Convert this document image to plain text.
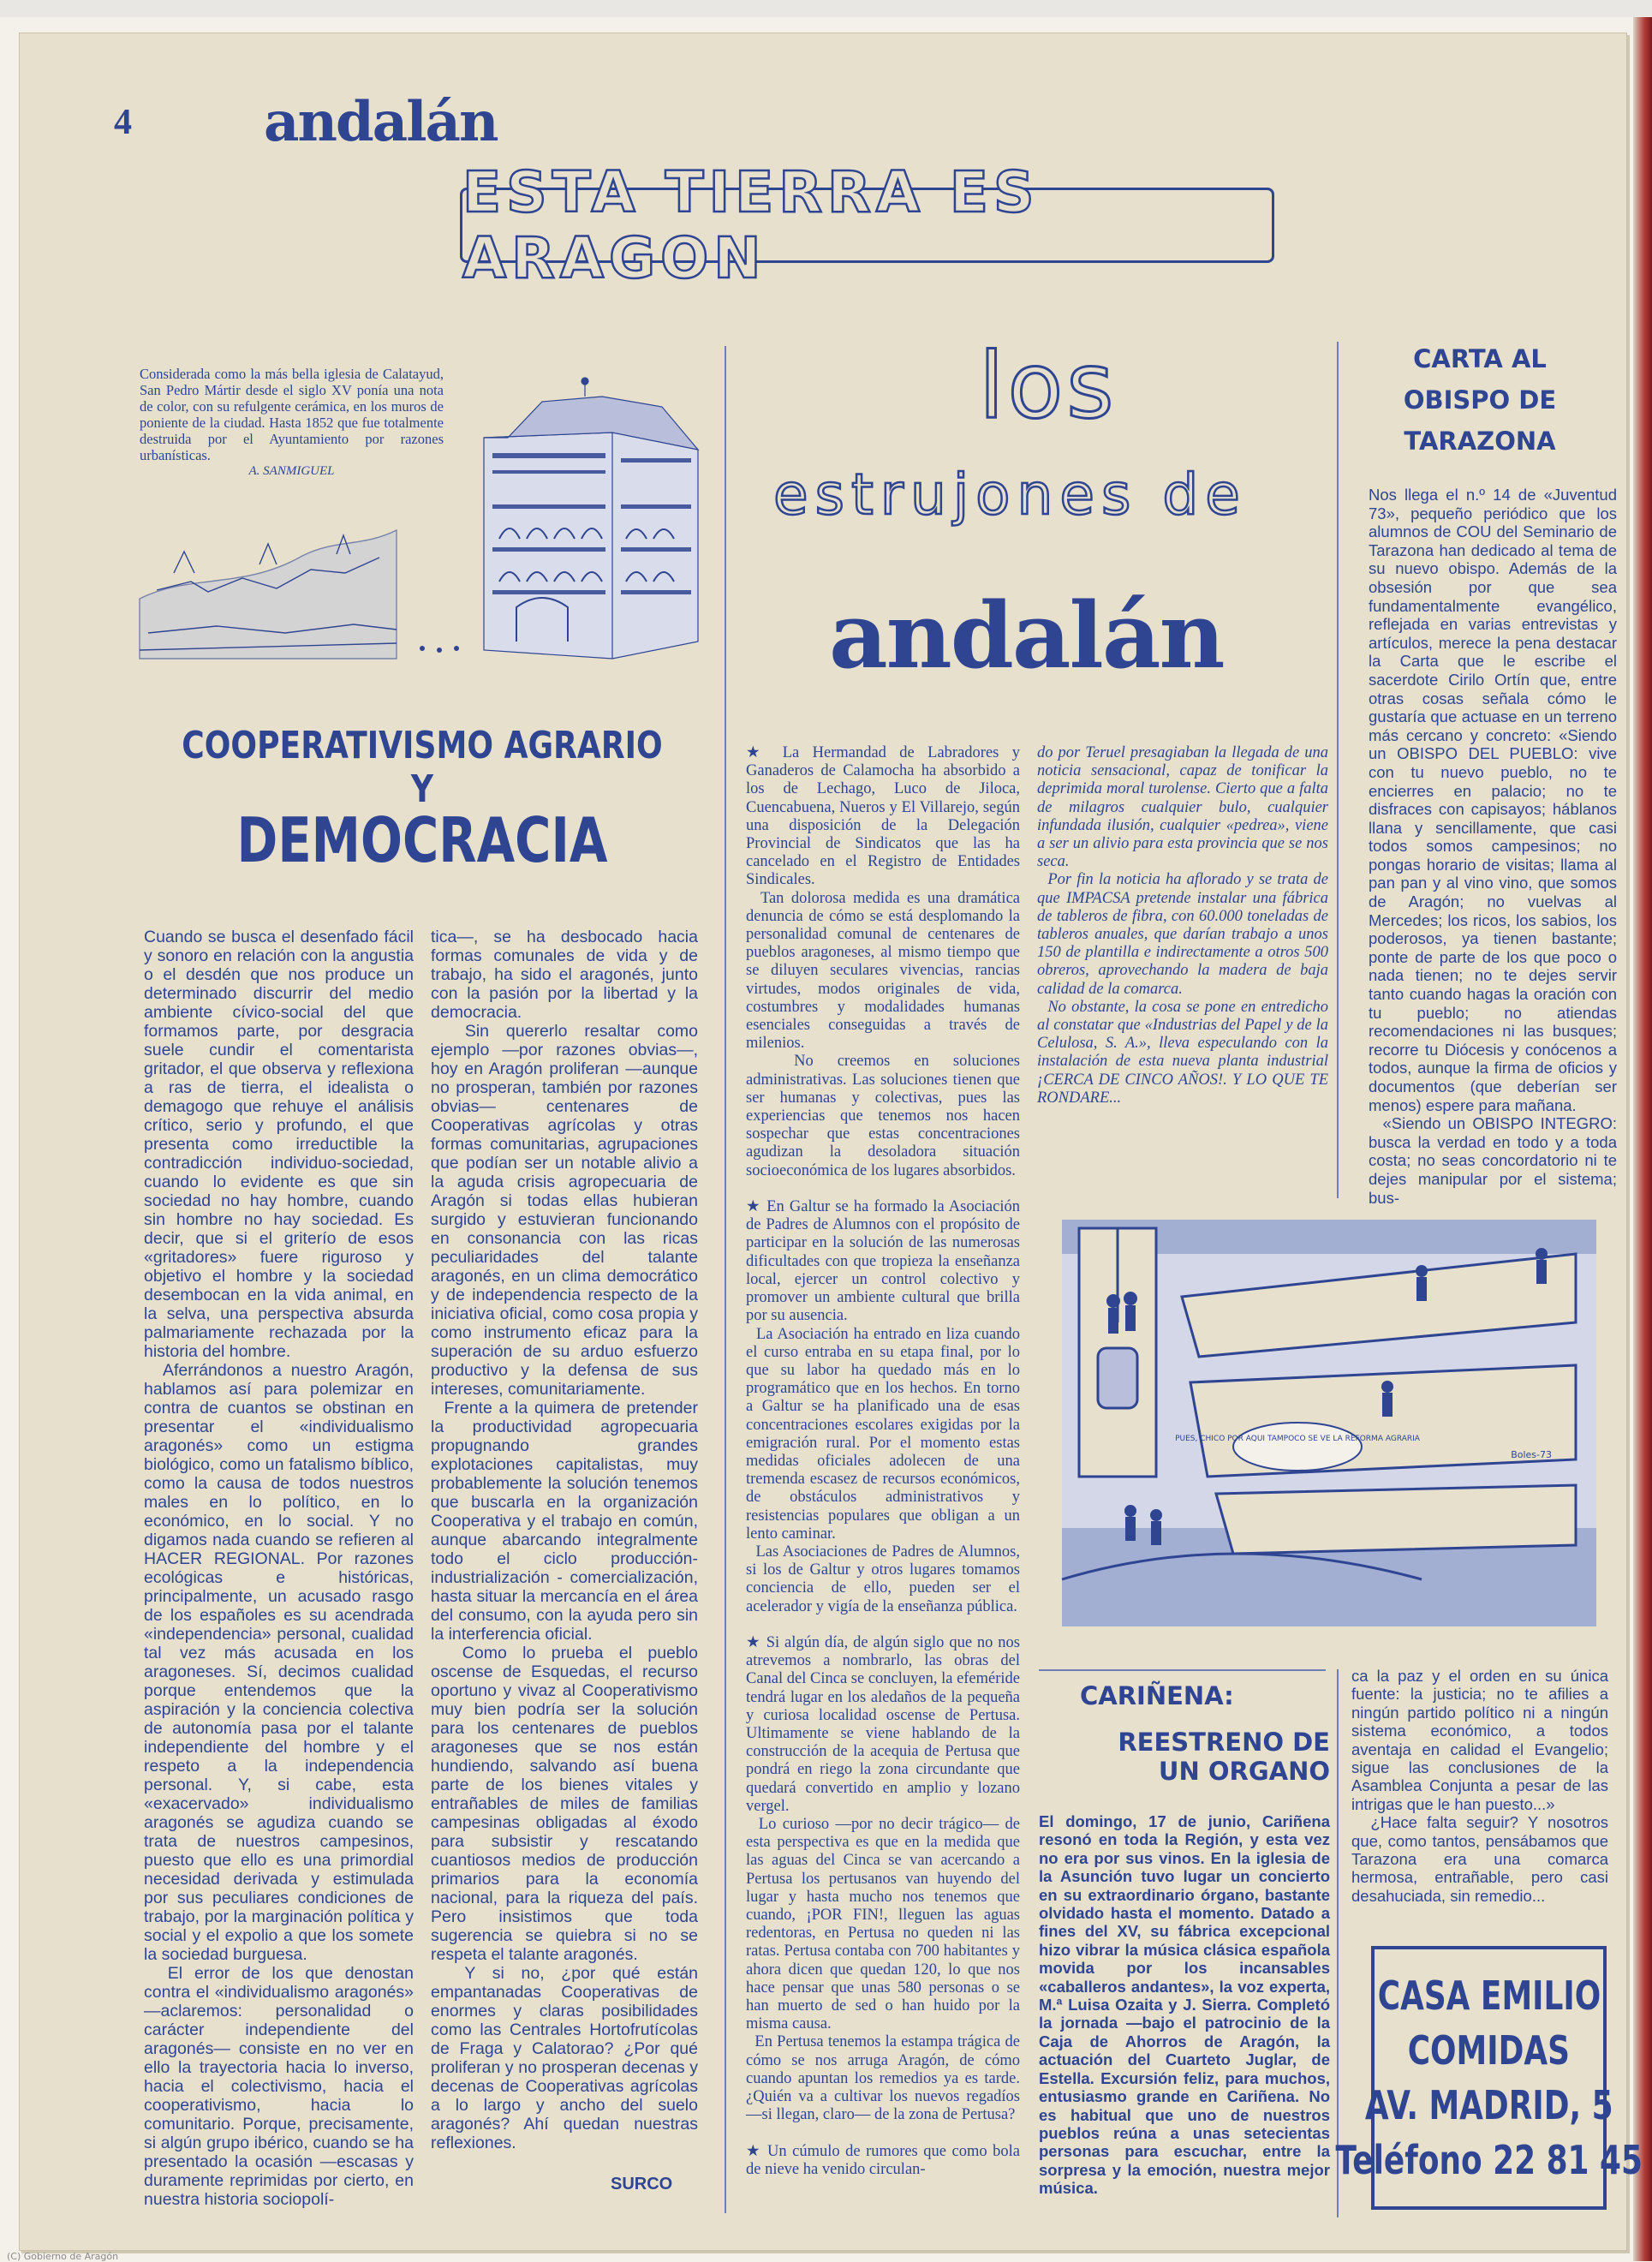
4 andalán
ESTA TIERRA ES ARAGON
Considerada como la más bella iglesia de Calatayud, San Pedro Mártir desde el siglo XV ponía una nota de color, con su refulgente cerámica, en los muros de poniente de la ciudad. Hasta 1852 que fue totalmente destruida por el Ayuntamiento por razones urbanísticas.
A. SANMIGUEL
COOPERATIVISMO AGRARIO Y
DEMOCRACIA
Cuando se busca el desenfado fácil y sonoro en relación con la angustia o el desdén que nos produce un determinado discurrir del medio ambiente cívico-social del que formamos parte, por desgracia suele cundir el comentarista gritador, el que observa y reflexiona a ras de tierra, el idealista o demagogo que rehuye el análisis crítico, serio y profundo, el que presenta como irreductible la contradicción individuo-sociedad, cuando lo evidente es que sin sociedad no hay hombre, cuando sin hombre no hay sociedad. Es decir, que si el griterío de esos «gritadores» fuere riguroso y objetivo el hombre y la sociedad desembocan en la vida animal, en la selva, una perspectiva absurda palmariamente rechazada por la historia del hombre.
Aferrándonos a nuestro Aragón, hablamos así para polemizar en contra de cuantos se obstinan en presentar el «individualismo aragonés» como un estigma biológico, como un fatalismo bíblico, como la causa de todos nuestros males en lo político, en lo económico, en lo social. Y no digamos nada cuando se refieren al HACER REGIONAL. Por razones ecológicas e históricas, principalmente, un acusado rasgo de los españoles es su acendrada «independencia» personal, cualidad tal vez más acusada en los aragoneses. Sí, decimos cualidad porque entendemos que la aspiración y la conciencia colectiva de autonomía pasa por el talante independiente del hombre y el respeto a la independencia personal. Y, si cabe, esta «exacervado» individualismo aragonés se agudiza cuando se trata de nuestros campesinos, puesto que ello es una primordial necesidad derivada y estimulada por sus peculiares condiciones de trabajo, por la marginación política y social y el expolio a que los somete la sociedad burguesa.
El error de los que denostan contra el «individualismo aragonés» —aclaremos: personalidad o carácter independiente del aragonés— consiste en no ver en ello la trayectoria hacia lo inverso, hacia el colectivismo, hacia el cooperativismo, hacia lo comunitario. Porque, precisamente, si algún grupo ibérico, cuando se ha presentado la ocasión —escasas y duramente reprimidas por cierto, en nuestra historia sociopolí-
tica—, se ha desbocado hacia formas comunales de vida y de trabajo, ha sido el aragonés, junto con la pasión por la libertad y la democracia.
Sin quererlo resaltar como ejemplo —por razones obvias—, hoy en Aragón proliferan —aunque no prosperan, también por razones obvias— centenares de Cooperativas agrícolas y otras formas comunitarias, agrupaciones que podían ser un notable alivio a la aguda crisis agropecuaria de Aragón si todas ellas hubieran surgido y estuvieran funcionando en consonancia con las ricas peculiaridades del talante aragonés, en un clima democrático y de independencia respecto de la iniciativa oficial, como cosa propia y como instrumento eficaz para la superación de su arduo esfuerzo productivo y la defensa de sus intereses, comunitariamente.
Frente a la quimera de pretender la productividad agropecuaria propugnando grandes explotaciones capitalistas, muy probablemente la solución tenemos que buscarla en la organización Cooperativa y el trabajo en común, aunque abarcando integralmente todo el ciclo producción-industrialización - comercialización, hasta situar la mercancía en el área del consumo, con la ayuda pero sin la interferencia oficial.
Como lo prueba el pueblo oscense de Esquedas, el recurso oportuno y vivaz al Cooperativismo muy bien podría ser la solución para los centenares de pueblos aragoneses que se nos están hundiendo, salvando así buena parte de los bienes vitales y entrañables de miles de familias campesinas obligadas al éxodo para subsistir y rescatando cuantiosos medios de producción primarios para la economía nacional, para la riqueza del país. Pero insistimos que toda sugerencia se quiebra si no se respeta el talante aragonés.
Y si no, ¿por qué están empantanadas Cooperativas de enormes y claras posibilidades como las Centrales Hortofrutícolas de Fraga y Calatorao? ¿Por qué proliferan y no prosperan decenas y decenas de Cooperativas agrícolas a lo largo y ancho del suelo aragonés? Ahí quedan nuestras reflexiones.
SURCO
los
estrujones de
andalán
★ La Hermandad de Labradores y Ganaderos de Calamocha ha absorbido a los de Lechago, Luco de Jiloca, Cuencabuena, Nueros y El Villarejo, según una disposición de la Delegación Provincial de Sindicatos que las ha cancelado en el Registro de Entidades Sindicales.
Tan dolorosa medida es una dramática denuncia de cómo se está desplomando la personalidad comunal de centenares de pueblos aragoneses, al mismo tiempo que se diluyen seculares vivencias, rancias virtudes, modos originales de vida, costumbres y modalidades humanas esenciales conseguidas a través de milenios.
No creemos en soluciones administrativas. Las soluciones tienen que ser humanas y colectivas, pues las experiencias que tenemos nos hacen sospechar que estas concentraciones agudizan la desoladora situación socioeconómica de los lugares absorbidos.

★ En Galtur se ha formado la Asociación de Padres de Alumnos con el propósito de participar en la solución de las numerosas dificultades con que tropieza la enseñanza local, ejercer un control colectivo y promover un ambiente cultural que brilla por su ausencia.
La Asociación ha entrado en liza cuando el curso entraba en su etapa final, por lo que su labor ha quedado más en lo programático que en los hechos. En torno a Galtur se ha planificado una de esas concentraciones escolares exigidas por la emigración rural. Por el momento estas medidas oficiales adolecen de una tremenda escasez de recursos económicos, de obstáculos administrativos y resistencias populares que obligan a un lento caminar.
Las Asociaciones de Padres de Alumnos, si los de Galtur y otros lugares tomamos conciencia de ello, pueden ser el acelerador y vigía de la enseñanza pública.

★ Si algún día, de algún siglo que no nos atrevemos a nombrarlo, las obras del Canal del Cinca se concluyen, la efeméride tendrá lugar en los aledaños de la pequeña y curiosa localidad oscense de Pertusa. Ultimamente se viene hablando de la construcción de la acequia de Pertusa que pondrá en riego la zona circundante que quedará convertido en amplio y lozano vergel.
Lo curioso —por no decir trágico— de esta perspectiva es que en la medida que las aguas del Cinca se van acercando a Pertusa los pertusanos van huyendo del lugar y hasta mucho nos tenemos que cuando, ¡POR FIN!, lleguen las aguas redentoras, en Pertusa no queden ni las ratas. Pertusa contaba con 700 habitantes y ahora dicen que quedan 120, lo que nos hace pensar que unas 580 personas o se han muerto de sed o han huido por la misma causa.
En Pertusa tenemos la estampa trágica de cómo se nos arruga Aragón, de cómo cuando apuntan los remedios ya es tarde. ¿Quién va a cultivar los nuevos regadíos —si llegan, claro— de la zona de Pertusa?

★ Un cúmulo de rumores que como bola de nieve ha venido circulan-
do por Teruel presagiaban la llegada de una noticia sensacional, capaz de tonificar la deprimida moral turolense. Cierto que a falta de milagros cualquier bulo, cualquier infundada ilusión, cualquier «pedrea», viene a ser un alivio para esta provincia que se nos seca.
Por fin la noticia ha aflorado y se trata de que IMPACSA pretende instalar una fábrica de tableros de fibra, con 60.000 toneladas de tableros anuales, que darían trabajo a unos 150 de plantilla e indirectamente a otros 500 obreros, aprovechando la madera de baja calidad de la comarca.
No obstante, la cosa se pone en entredicho al constatar que «Industrias del Papel y de la Celulosa, S. A.», lleva especulando con la instalación de esta nueva planta industrial ¡CERCA DE CINCO AÑOS!. Y LO QUE TE RONDARE...
CARTA AL
OBISPO DE
TARAZONA
Nos llega el n.º 14 de «Juventud 73», pequeño periódico que los alumnos de COU del Seminario de Tarazona han dedicado al tema de su nuevo obispo. Además de la obsesión por que sea fundamentalmente evangélico, reflejada en varias entrevistas y artículos, merece la pena destacar la Carta que le escribe el sacerdote Cirilo Ortín que, entre otras cosas señala cómo le gustaría que actuase en un terreno más cercano y concreto: «Siendo un OBISPO DEL PUEBLO: vive con tu nuevo pueblo, no te encierres en palacio; no te disfraces con capisayos; háblanos llana y sencillamente, que casi todos somos campesinos; no pongas horario de visitas; llama al pan pan y al vino vino, que somos de Aragón; no vuelvas al Mercedes; los ricos, los sabios, los poderosos, ya tienen bastante; ponte de parte de los que poco o nada tienen; no te dejes servir tanto cuando hagas la oración con tu pueblo; no atiendas recomendaciones ni las busques; recorre tu Diócesis y conócenos a todos, aunque la firma de oficios y documentos (que deberían ser menos) espere para mañana.
«Siendo un OBISPO INTEGRO: busca la verdad en todo y a toda costa; no seas concordatorio ni te dejes manipular por el sistema; bus-
PUES, CHICO POR AQUI TAMPOCO SE VE LA REFORMA AGRARIA
Boles-73
CARIÑENA:
REESTRENO DE UN ORGANO
El domingo, 17 de junio, Cariñena resonó en toda la Región, y esta vez no era por sus vinos. En la iglesia de la Asunción tuvo lugar un concierto en su extraordinario órgano, bastante olvidado hasta el momento. Datado a fines del XV, su fábrica excepcional hizo vibrar la música clásica española movida por los incansables «caballeros andantes», la voz experta, M.ª Luisa Ozaita y J. Sierra. Completó la jornada —bajo el patrocinio de la Caja de Ahorros de Aragón, la actuación del Cuarteto Juglar, de Estella. Excursión feliz, para muchos, entusiasmo grande en Cariñena. No es habitual que uno de nuestros pueblos reúna a unas setecientas personas para escuchar, entre la sorpresa y la emoción, nuestra mejor música.
ca la paz y el orden en su única fuente: la justicia; no te afilies a ningún partido político ni a ningún sistema económico, a todos aventaja en calidad el Evangelio; sigue las conclusiones de la Asamblea Conjunta a pesar de las intrigas que le han puesto...»
¿Hace falta seguir? Y nosotros que, como tantos, pensábamos que Tarazona era una comarca hermosa, entrañable, pero casi desahuciada, sin remedio...
CASA EMILIO
COMIDAS
AV. MADRID, 5
Teléfono 22 81 45
(C) Gobierno de Aragón
